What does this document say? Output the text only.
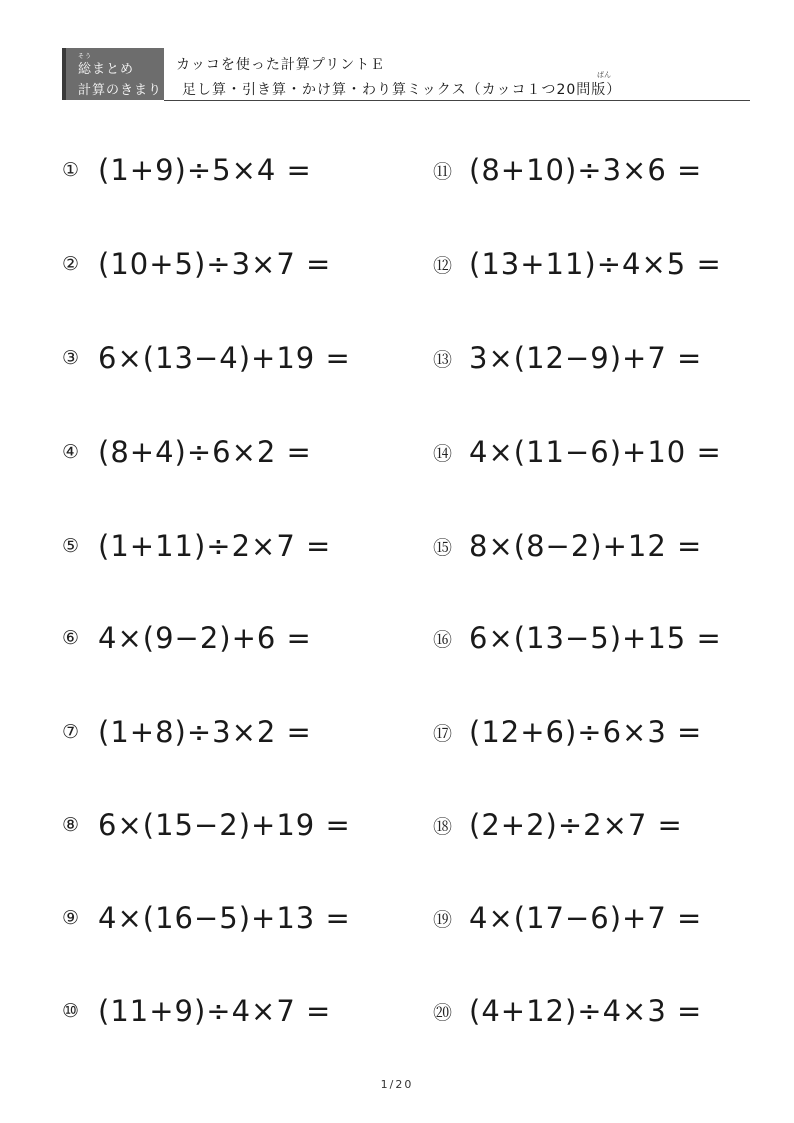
そう
総まとめ
計算のきまり
カッコを使った計算プリントＥ
ばん
足し算・引き算・かけ算・わり算ミックス（カッコ１つ20問版）
① (1+9)÷5×4 =
② (10+5)÷3×7 =
③ 6×(13−4)+19 =
④ (8+4)÷6×2 =
⑤ (1+11)÷2×7 =
⑥ 4×(9−2)+6 =
⑦ (1+8)÷3×2 =
⑧ 6×(15−2)+19 =
⑨ 4×(16−5)+13 =
⑩ (11+9)÷4×7 =
⑪ (8+10)÷3×6 =
⑫ (13+11)÷4×5 =
⑬ 3×(12−9)+7 =
⑭ 4×(11−6)+10 =
⑮ 8×(8−2)+12 =
⑯ 6×(13−5)+15 =
⑰ (12+6)÷6×3 =
⑱ (2+2)÷2×7 =
⑲ 4×(17−6)+7 =
⑳ (4+12)÷4×3 =
1/20
